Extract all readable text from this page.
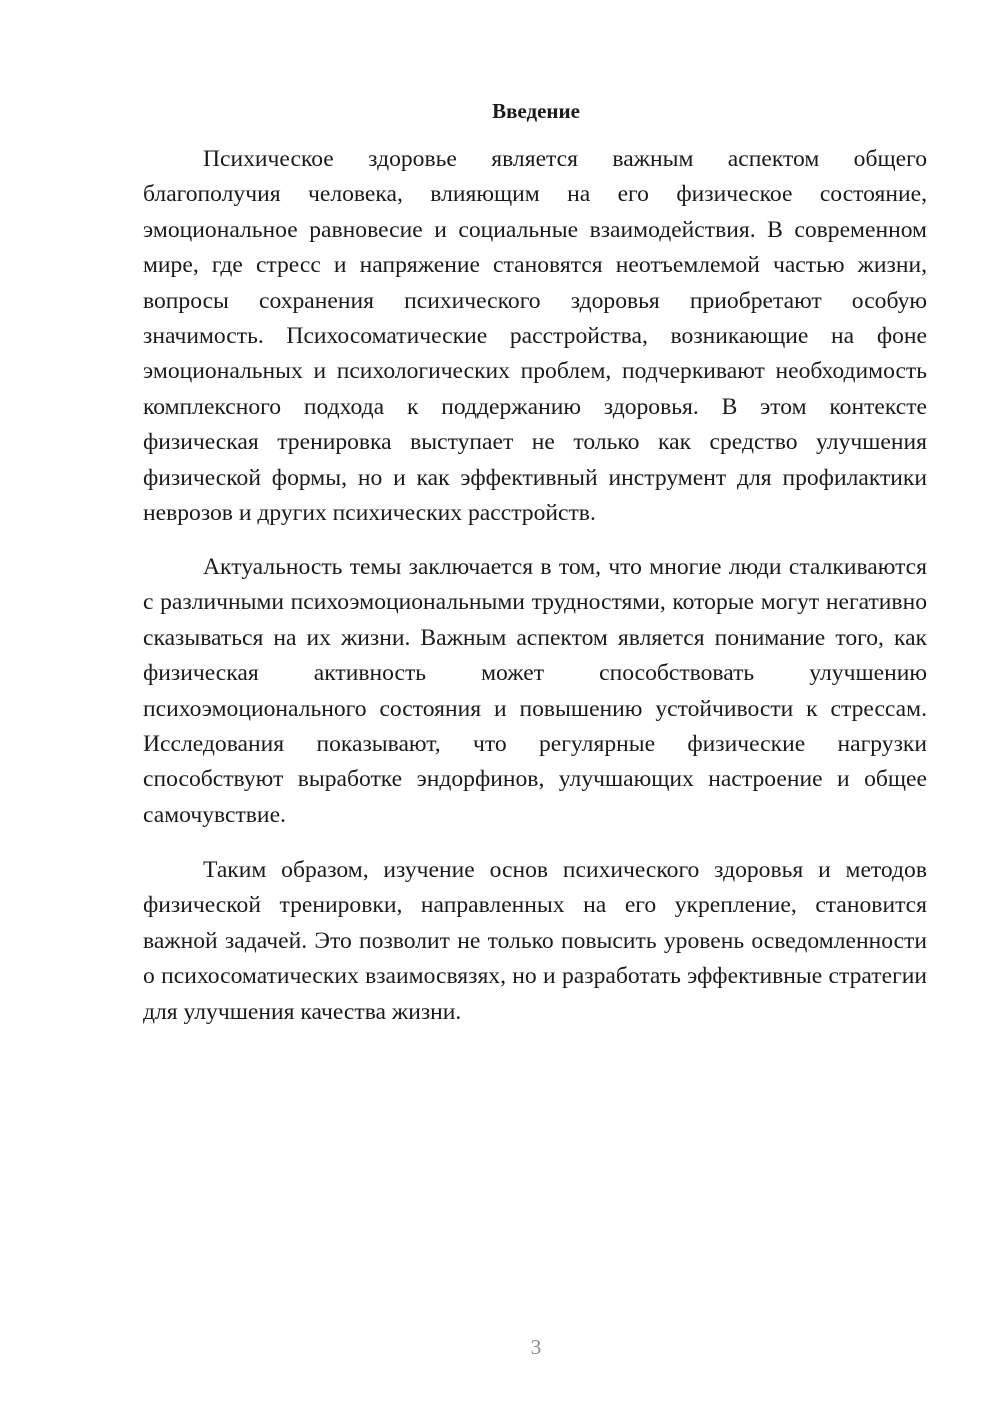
Введение

Психическое здоровье является важным аспектом общего благополучия человека, влияющим на его физическое состояние, эмоциональное равновесие и социальные взаимодействия. В современном мире, где стресс и напряжение становятся неотъемлемой частью жизни, вопросы сохранения психического здоровья приобретают особую значимость. Психосоматические расстройства, возникающие на фоне эмоциональных и психологических проблем, подчеркивают необходимость комплексного подхода к поддержанию здоровья. В этом контексте физическая тренировка выступает не только как средство улучшения физической формы, но и как эффективный инструмент для профилактики неврозов и других психических расстройств.

Актуальность темы заключается в том, что многие люди сталкиваются с различными психоэмоциональными трудностями, которые могут негативно сказываться на их жизни. Важным аспектом является понимание того, как физическая активность может способствовать улучшению психоэмоционального состояния и повышению устойчивости к стрессам. Исследования показывают, что регулярные физические нагрузки способствуют выработке эндорфинов, улучшающих настроение и общее самочувствие.

Таким образом, изучение основ психического здоровья и методов физической тренировки, направленных на его укрепление, становится важной задачей. Это позволит не только повысить уровень осведомленности о психосоматических взаимосвязях, но и разработать эффективные стратегии для улучшения качества жизни.

3
